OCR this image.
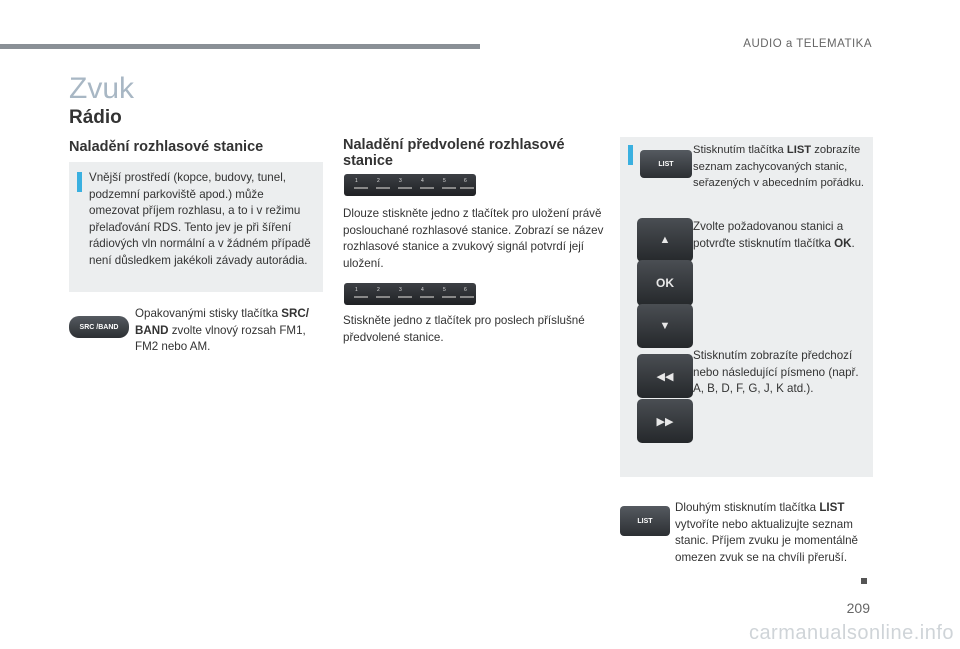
AUDIO a TELEMATIKA
Zvuk
Rádio
Naladění rozhlasové stanice
Vnější prostředí (kopce, budovy, tunel, podzemní parkoviště apod.) může omezovat příjem rozhlasu, a to i v režimu přelaďování RDS. Tento jev je při šíření rádiových vln normální a v žádném případě není důsledkem jakékoli závady autorádia.
SRC /BAND
Opakovanými stisky tlačítka SRC/ BAND zvolte vlnový rozsah FM1, FM2 nebo AM.
Naladění předvolené rozhlasové stanice
1	2	3	4	5	6
Dlouze stiskněte jedno z tlačítek pro uložení právě poslouchané rozhlasové stanice. Zobrazí se název rozhlasové stanice a zvukový signál potvrdí její uložení.
1	2	3	4	5	6
Stiskněte jedno z tlačítek pro poslech příslušné předvolené stanice.
LIST
Stisknutím tlačítka LIST zobrazíte seznam zachycovaných stanic, seřazených v abecedním pořádku.
▲
OK
▼
Zvolte požadovanou stanici a potvrďte stisknutím tlačítka OK.
Stisknutím zobrazíte předchozí nebo následující písmeno (např. A, B, D, F, G, J, K atd.).
◀◀
▶▶
LIST
Dlouhým stisknutím tlačítka LIST vytvoříte nebo aktualizujte seznam stanic. Příjem zvuku je momentálně omezen zvuk se na chvíli přeruší.
209
carmanualsonline.info
